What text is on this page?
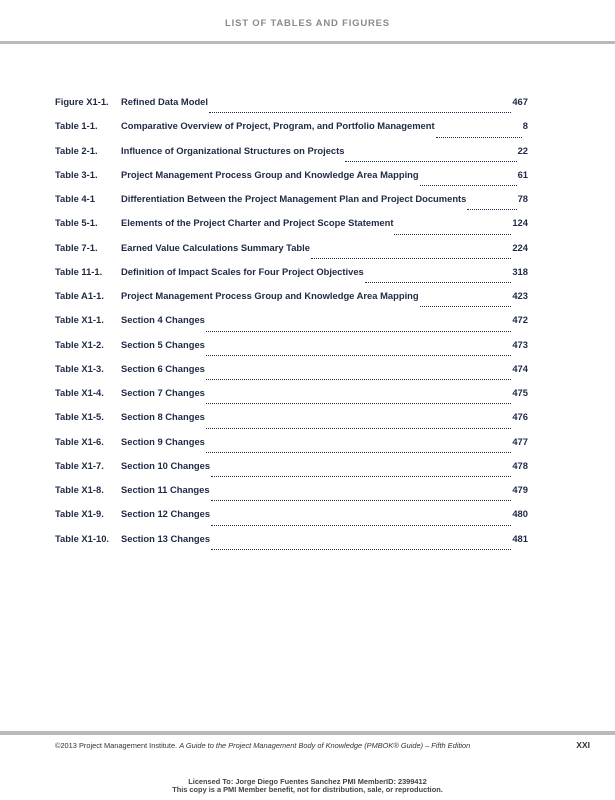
LIST OF TABLES AND FIGURES
Figure X1-1.	Refined Data Model	467
Table 1-1.	Comparative Overview of Project, Program, and Portfolio Management	8
Table 2-1.	Influence of Organizational Structures on Projects	22
Table 3-1.	Project Management Process Group and Knowledge Area Mapping	61
Table 4-1	Differentiation Between the Project Management Plan and Project Documents	78
Table 5-1.	Elements of the Project Charter and Project Scope Statement	124
Table 7-1.	Earned Value Calculations Summary Table	224
Table 11-1.	Definition of Impact Scales for Four Project Objectives	318
Table A1-1.	Project Management Process Group and Knowledge Area Mapping	423
Table X1-1.	Section 4 Changes	472
Table X1-2.	Section 5 Changes	473
Table X1-3.	Section 6 Changes	474
Table X1-4.	Section 7 Changes	475
Table X1-5.	Section 8 Changes	476
Table X1-6.	Section 9 Changes	477
Table X1-7.	Section 10 Changes	478
Table X1-8.	Section 11 Changes	479
Table X1-9.	Section 12 Changes	480
Table X1-10.	Section 13 Changes	481
©2013 Project Management Institute. A Guide to the Project Management Body of Knowledge (PMBOK® Guide) – Fifth Edition	XXI
Licensed To: Jorge Diego Fuentes Sanchez PMI MemberID: 2399412
This copy is a PMI Member benefit, not for distribution, sale, or reproduction.
